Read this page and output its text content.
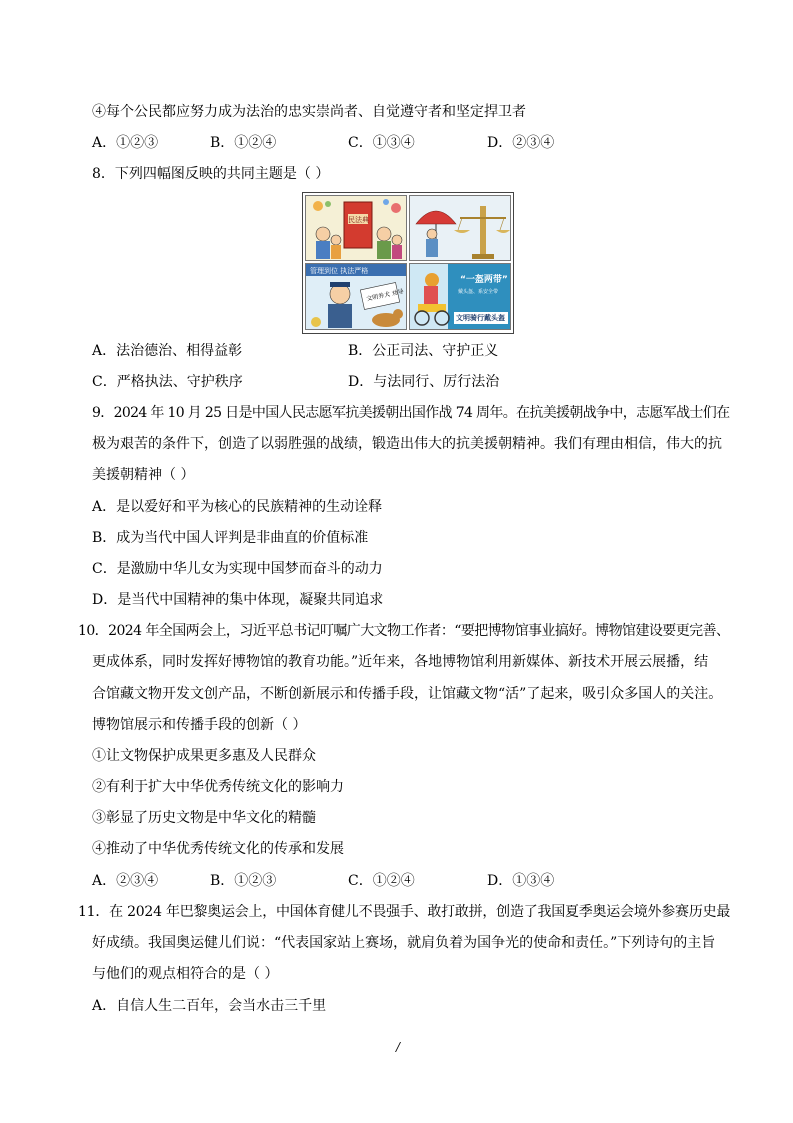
④每个公民都应努力成为法治的忠实崇尚者、自觉遵守者和坚定捍卫者
A．①②③	B．①②④	C．①③④	D．②③④
8．下列四幅图反映的共同主题是（ ）
民法典
管理到位 执法严格
文明养犬 劝导
“一盔两带”
戴头盔、系安全带
文明骑行戴头盔
A．法治德治、相得益彰	B．公正司法、守护正义
C．严格执法、守护秩序	D．与法同行、厉行法治
9．2024 年 10 月 25 日是中国人民志愿军抗美援朝出国作战 74 周年。在抗美援朝战争中，志愿军战士们在
极为艰苦的条件下，创造了以弱胜强的战绩，锻造出伟大的抗美援朝精神。我们有理由相信，伟大的抗
美援朝精神（ ）
A．是以爱好和平为核心的民族精神的生动诠释
B．成为当代中国人评判是非曲直的价值标准
C．是激励中华儿女为实现中国梦而奋斗的动力
D．是当代中国精神的集中体现，凝聚共同追求
10．2024 年全国两会上，习近平总书记叮嘱广大文物工作者：“要把博物馆事业搞好。博物馆建设要更完善、
更成体系，同时发挥好博物馆的教育功能。”近年来，各地博物馆利用新媒体、新技术开展云展播，结
合馆藏文物开发文创产品，不断创新展示和传播手段，让馆藏文物“活”了起来，吸引众多国人的关注。
博物馆展示和传播手段的创新（ ）
①让文物保护成果更多惠及人民群众
②有利于扩大中华优秀传统文化的影响力
③彰显了历史文物是中华文化的精髓
④推动了中华优秀传统文化的传承和发展
A．②③④	B．①②③	C．①②④	D．①③④
11．在 2024 年巴黎奥运会上，中国体育健儿不畏强手、敢打敢拼，创造了我国夏季奥运会境外参赛历史最
好成绩。我国奥运健儿们说：“代表国家站上赛场，就肩负着为国争光的使命和责任。”下列诗句的主旨
与他们的观点相符合的是（ ）
A．自信人生二百年，会当水击三千里
/
